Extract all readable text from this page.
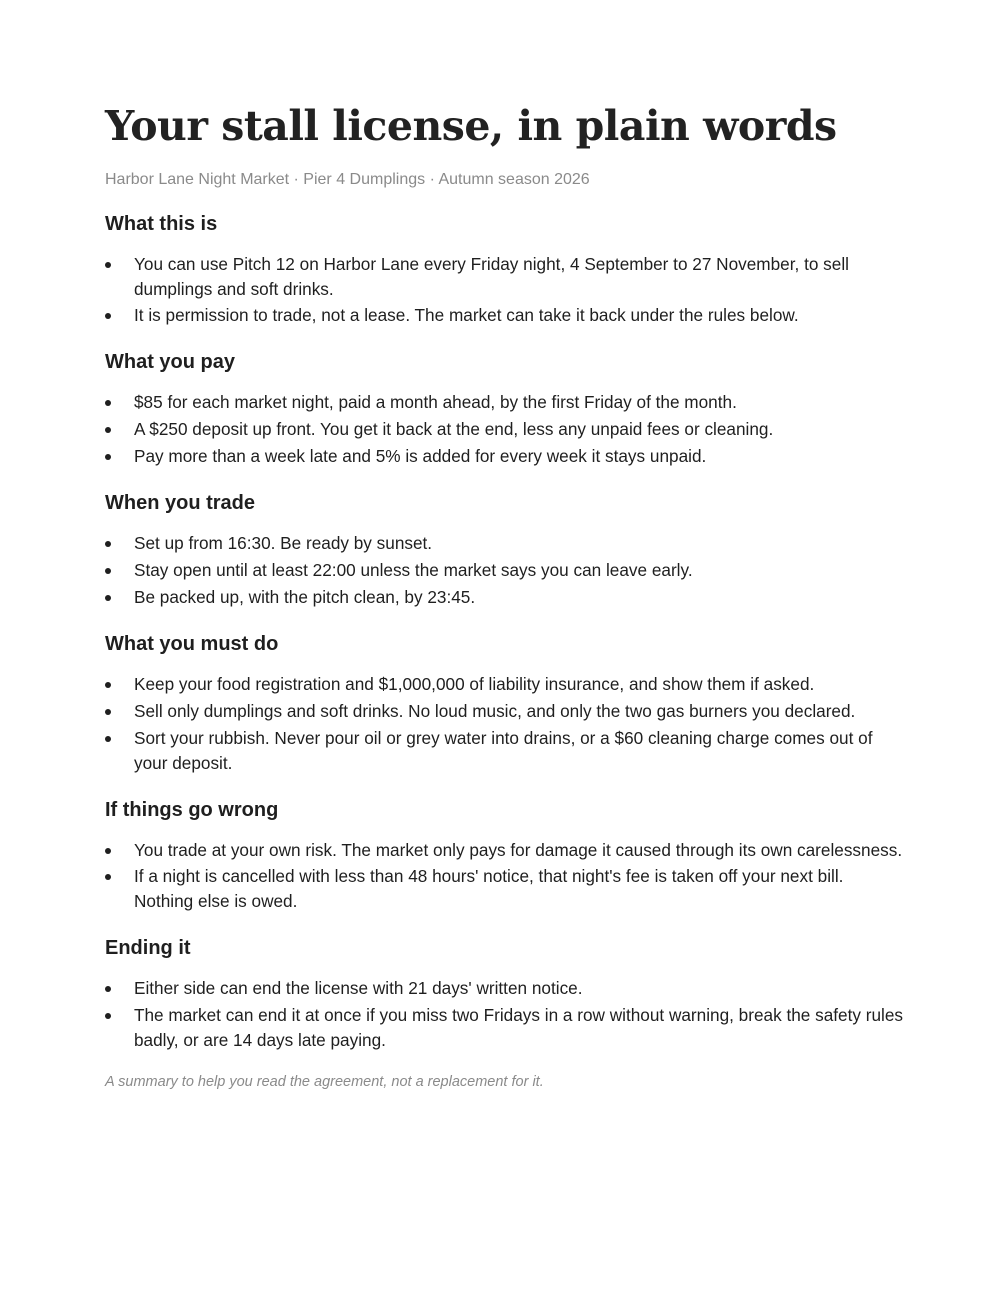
Your stall license, in plain words
Harbor Lane Night Market · Pier 4 Dumplings · Autumn season 2026
What this is
You can use Pitch 12 on Harbor Lane every Friday night, 4 September to 27 November, to sell dumplings and soft drinks.
It is permission to trade, not a lease. The market can take it back under the rules below.
What you pay
$85 for each market night, paid a month ahead, by the first Friday of the month.
A $250 deposit up front. You get it back at the end, less any unpaid fees or cleaning.
Pay more than a week late and 5% is added for every week it stays unpaid.
When you trade
Set up from 16:30. Be ready by sunset.
Stay open until at least 22:00 unless the market says you can leave early.
Be packed up, with the pitch clean, by 23:45.
What you must do
Keep your food registration and $1,000,000 of liability insurance, and show them if asked.
Sell only dumplings and soft drinks. No loud music, and only the two gas burners you declared.
Sort your rubbish. Never pour oil or grey water into drains, or a $60 cleaning charge comes out of your deposit.
If things go wrong
You trade at your own risk. The market only pays for damage it caused through its own carelessness.
If a night is cancelled with less than 48 hours' notice, that night's fee is taken off your next bill. Nothing else is owed.
Ending it
Either side can end the license with 21 days' written notice.
The market can end it at once if you miss two Fridays in a row without warning, break the safety rules badly, or are 14 days late paying.
A summary to help you read the agreement, not a replacement for it.
